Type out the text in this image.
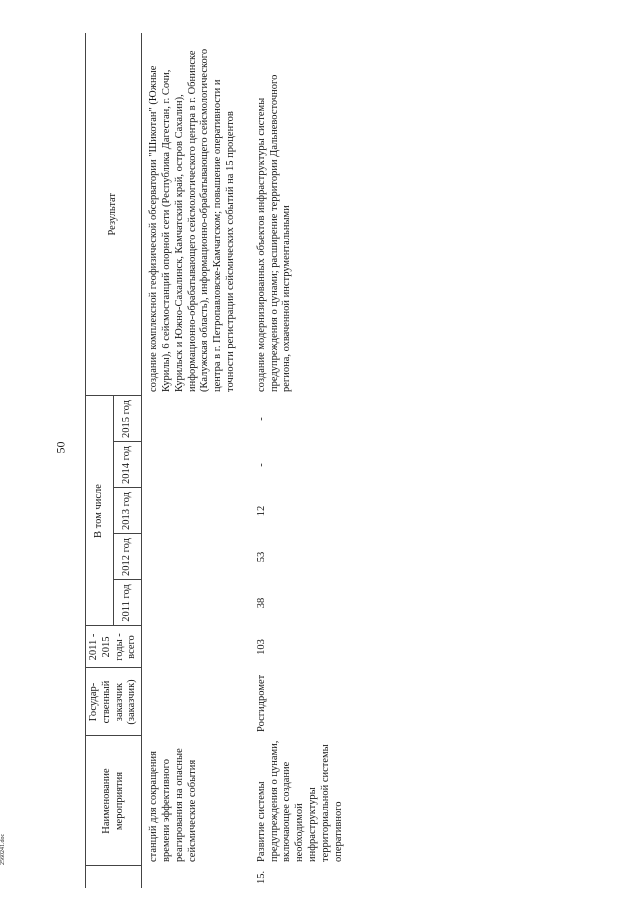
50
2560241.doc
	Наименование мероприятия	Государ-ственный заказчик (заказчик)	2011 - 2015 годы - всего	В том числе					Результат
				2011 год	2012 год	2013 год	2014 год	2015 год	
	станций для сокращения времени эффективного реагирования на опасные сейсмические события								создание комплексной геофизической обсерватории "Шикотан" (Южные Курилы), 6 сейсмостанций опорной сети (Республика Дагестан, г. Сочи, Курильск и Южно-Сахалинск, Камчатский край, остров Сахалин), информационно-обрабатывающего сейсмологического центра в г. Обнинске (Калужская область), информационно-обрабатывающего сейсмологического центра в г. Петропавловске-Камчатском; повышение оперативности и точности регистрации сейсмических событий на 15 процентов
15.	Развитие системы предупреждения о цунами, включающее создание необходимой инфраструктуры территориальной системы оперативного	Росгидромет	103	38	53	12	-	-	создание модернизированных объектов инфраструктуры системы предупреждения о цунами; расширение территории Дальневосточного региона, охваченной инструментальными
